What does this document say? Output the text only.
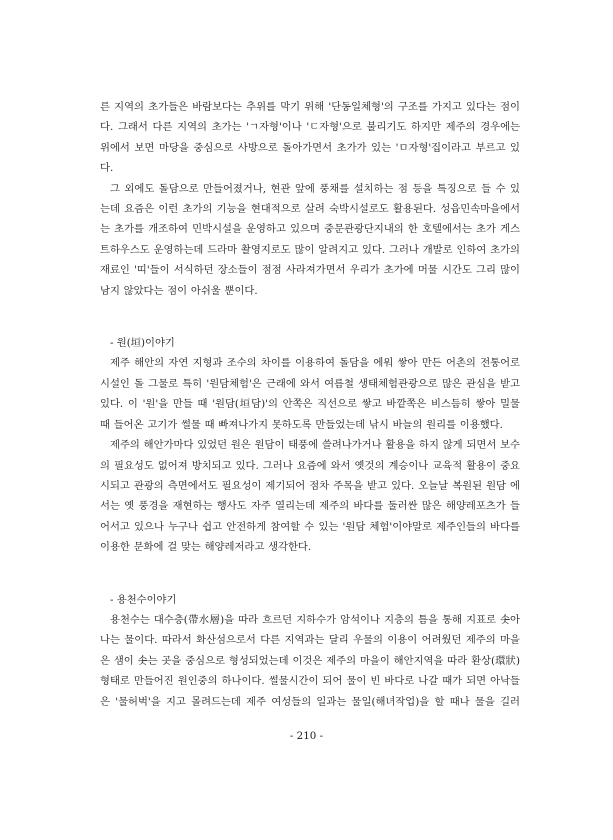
른 지역의 초가들은 바람보다는 추위를 막기 위해 '단동일체형'의 구조를 가지고 있다는 점이다. 그래서 다른 지역의 초가는 'ㄱ자형'이나 'ㄷ자형'으로 불리기도 하지만 제주의 경우에는 위에서 보면 마당을 중심으로 사방으로 돌아가면서 초가가 있는 'ㅁ자형'집이라고 부르고 있다.

그 외에도 돌담으로 만들어졌거나, 현관 앞에 풍채를 설치하는 점 등을 특징으로 들 수 있는데 요즘은 이런 초가의 기능을 현대적으로 살려 숙박시설로도 활용된다. 성읍민속마을에서는 초가를 개조하여 민박시설을 운영하고 있으며 중문관광단지내의 한 호텔에서는 초가 게스트하우스도 운영하는데 드라마 촬영지로도 많이 알려지고 있다. 그러나 개발로 인하여 초가의 재료인 '띠'들이 서식하던 장소들이 점점 사라져가면서 우리가 초가에 머물 시간도 그리 많이 남지 않았다는 점이 아쉬울 뿐이다.

- 원(垣)이야기

제주 해안의 자연 지형과 조수의 차이를 이용하여 돌담을 에워 쌓아 만든 어촌의 전통어로시설인 돌 그물로 특히 '원담체험'은 근래에 와서 여름철 생태체험관광으로 많은 관심을 받고 있다. 이 '원'을 만들 때 '원담(垣담)'의 안쪽은 직선으로 쌓고 바깥쪽은 비스듬히 쌓아 밀물 때 들어온 고기가 썰물 때 빠져나가지 못하도록 만들었는데 낚시 바늘의 원리를 이용했다.

제주의 해안가마다 있었던 원은 원담이 태풍에 쓸려나가거나 활용을 하지 않게 되면서 보수의 필요성도 없어져 방치되고 있다. 그러나 요즘에 와서 옛것의 계승이나 교육적 활용이 중요시되고 관광의 측면에서도 필요성이 제기되어 점차 주목을 받고 있다. 오늘날 복원된 원담 에서는 옛 풍경을 재현하는 행사도 자주 열리는데 제주의 바다를 둘러싼 많은 해양레포츠가 들어서고 있으나 누구나 쉽고 안전하게 참여할 수 있는 '원담 체험'이야말로 제주인들의 바다를 이용한 문화에 걸 맞는 해양레저라고 생각한다.

- 용천수이야기

용천수는 대수층(帶水層)을 따라 흐르던 지하수가 암석이나 지층의 틈을 통해 지표로 솟아나는 물이다. 따라서 화산섬으로서 다른 지역과는 달리 우물의 이용이 어려웠던 제주의 마을은 샘이 솟는 곳을 중심으로 형성되었는데 이것은 제주의 마을이 해안지역을 따라 환상(環狀)형태로 만들어진 원인중의 하나이다. 썰물시간이 되어 물이 빈 바다로 나갈 때가 되면 아낙들은 '물허벅'을 지고 몰려드는데 제주 여성들의 일과는 물일(해녀작업)을 할 때나 물을 길러

- 210 -
